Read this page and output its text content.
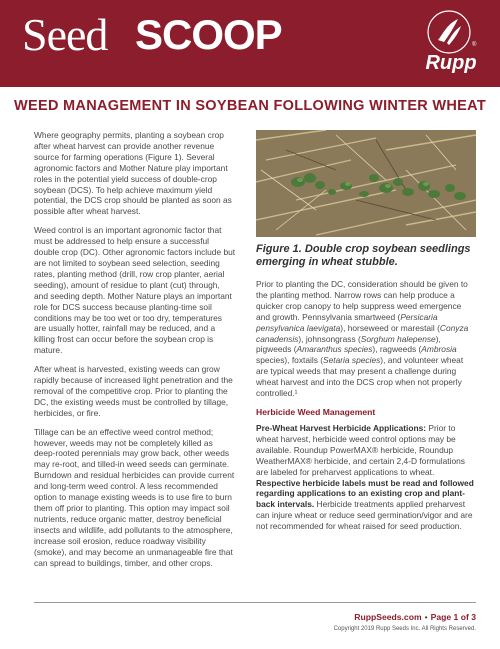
Seed SCOOP
Rupp
®
WEED MANAGEMENT IN SOYBEAN FOLLOWING WINTER WHEAT

Where geography permits, planting a soybean crop after wheat harvest can provide another revenue source for farming operations (Figure 1). Several agronomic factors and Mother Nature play important roles in the potential yield success of double-crop soybean (DCS). To help achieve maximum yield potential, the DCS crop should be planted as soon as possible after wheat harvest.

Weed control is an important agronomic factor that must be addressed to help ensure a successful double crop (DC). Other agronomic factors include but are not limited to soybean seed selection, seeding rates, planting method (drill, row crop planter, aerial seeding), amount of residue to plant (cut) through, and seeding depth. Mother Nature plays an important role for DCS success because planting-time soil conditions may be too wet or too dry, temperatures are usually hotter, rainfall may be reduced, and a killing frost can occur before the soybean crop is mature.

After wheat is harvested, existing weeds can grow rapidly because of increased light penetration and the removal of the competitive crop. Prior to planting the DC, the existing weeds must be controlled by tillage, herbicides, or fire.

Tillage can be an effective weed control method; however, weeds may not be completely killed as deep-rooted perennials may grow back, other weeds may re-root, and tilled-in weed seeds can germinate. Burndown and residual herbicides can provide current and long-term weed control. A less recommended option to manage existing weeds is to use fire to burn them off prior to planting. This option may impact soil nutrients, reduce organic matter, destroy beneficial insects and wildlife, add pollutants to the atmosphere, increase soil erosion, reduce roadway visibility (smoke), and may become an unmanageable fire that can spread to buildings, timber, and other crops.

Figure 1. Double crop soybean seedlings emerging in wheat stubble.

Prior to planting the DC, consideration should be given to the planting method. Narrow rows can help produce a quicker crop canopy to help suppress weed emergence and growth. Pennsylvania smartweed (Persicaria pensylvanica laevigata), horseweed or marestail (Conyza canadensis), johnsongrass (Sorghum halepense), pigweeds (Amaranthus species), ragweeds (Ambrosia species), foxtails (Setaria species), and volunteer wheat are typical weeds that may present a challenge during wheat harvest and into the DCS crop when not properly controlled.¹

Herbicide Weed Management

Pre-Wheat Harvest Herbicide Applications: Prior to wheat harvest, herbicide weed control options may be available. Roundup PowerMAX® herbicide, Roundup WeatherMAX® herbicide, and certain 2,4-D formulations are labeled for preharvest applications to wheat. Respective herbicide labels must be read and followed regarding applications to an existing crop and plant-back intervals. Herbicide treatments applied preharvest can injure wheat or reduce seed germination/vigor and are not recommended for wheat raised for seed production.

RuppSeeds.com • Page 1 of 3
Copyright 2019 Rupp Seeds Inc. All Rights Reserved.
